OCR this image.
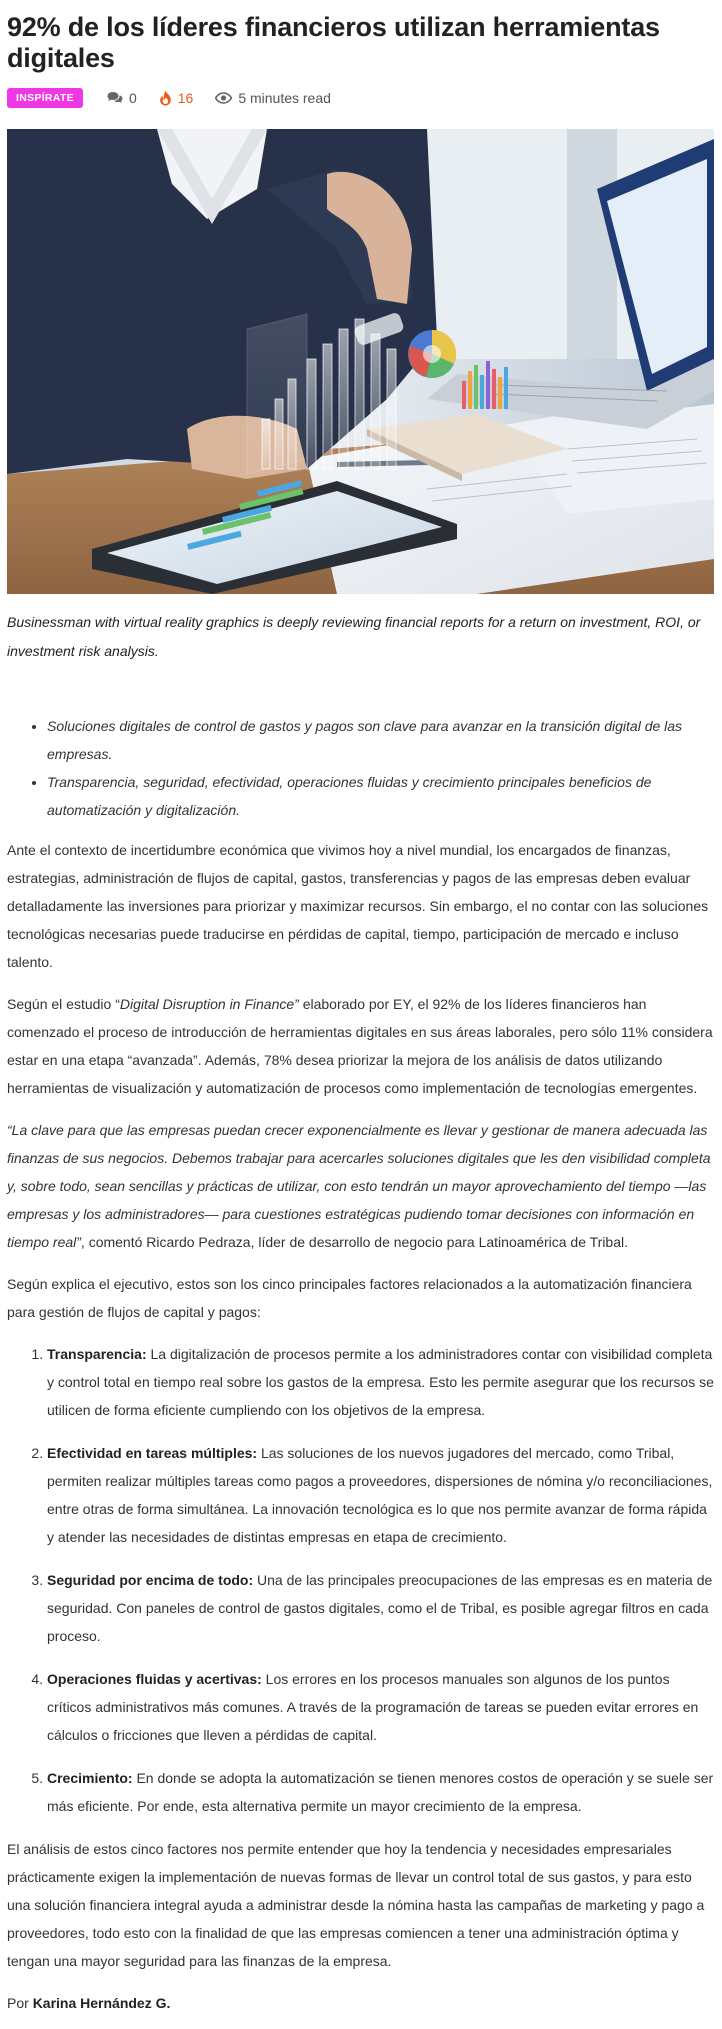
92% de los líderes financieros utilizan herramientas digitales
INSPÍRATE	0	16	5 minutes read

Businessman with virtual reality graphics is deeply reviewing financial reports for a return on investment, ROI, or investment risk analysis.

• Soluciones digitales de control de gastos y pagos son clave para avanzar en la transición digital de las empresas.
• Transparencia, seguridad, efectividad, operaciones fluidas y crecimiento principales beneficios de automatización y digitalización.

Ante el contexto de incertidumbre económica que vivimos hoy a nivel mundial, los encargados de finanzas, estrategias, administración de flujos de capital, gastos, transferencias y pagos de las empresas deben evaluar detalladamente las inversiones para priorizar y maximizar recursos. Sin embargo, el no contar con las soluciones tecnológicas necesarias puede traducirse en pérdidas de capital, tiempo, participación de mercado e incluso talento.

Según el estudio “Digital Disruption in Finance” elaborado por EY, el 92% de los líderes financieros han comenzado el proceso de introducción de herramientas digitales en sus áreas laborales, pero sólo 11% considera estar en una etapa “avanzada”. Además, 78% desea priorizar la mejora de los análisis de datos utilizando herramientas de visualización y automatización de procesos como implementación de tecnologías emergentes.

“La clave para que las empresas puedan crecer exponencialmente es llevar y gestionar de manera adecuada las finanzas de sus negocios. Debemos trabajar para acercarles soluciones digitales que les den visibilidad completa y, sobre todo, sean sencillas y prácticas de utilizar, con esto tendrán un mayor aprovechamiento del tiempo —las empresas y los administradores— para cuestiones estratégicas pudiendo tomar decisiones con información en tiempo real”, comentó Ricardo Pedraza, líder de desarrollo de negocio para Latinoamérica de Tribal.

Según explica el ejecutivo, estos son los cinco principales factores relacionados a la automatización financiera para gestión de flujos de capital y pagos:

1. Transparencia: La digitalización de procesos permite a los administradores contar con visibilidad completa y control total en tiempo real sobre los gastos de la empresa. Esto les permite asegurar que los recursos se utilicen de forma eficiente cumpliendo con los objetivos de la empresa.
2. Efectividad en tareas múltiples: Las soluciones de los nuevos jugadores del mercado, como Tribal, permiten realizar múltiples tareas como pagos a proveedores, dispersiones de nómina y/o reconciliaciones, entre otras de forma simultánea. La innovación tecnológica es lo que nos permite avanzar de forma rápida y atender las necesidades de distintas empresas en etapa de crecimiento.
3. Seguridad por encima de todo: Una de las principales preocupaciones de las empresas es en materia de seguridad. Con paneles de control de gastos digitales, como el de Tribal, es posible agregar filtros en cada proceso.
4. Operaciones fluidas y acertivas: Los errores en los procesos manuales son algunos de los puntos críticos administrativos más comunes. A través de la programación de tareas se pueden evitar errores en cálculos o fricciones que lleven a pérdidas de capital.
5. Crecimiento: En donde se adopta la automatización se tienen menores costos de operación y se suele ser más eficiente. Por ende, esta alternativa permite un mayor crecimiento de la empresa.

El análisis de estos cinco factores nos permite entender que hoy la tendencia y necesidades empresariales prácticamente exigen la implementación de nuevas formas de llevar un control total de sus gastos, y para esto una solución financiera integral ayuda a administrar desde la nómina hasta las campañas de marketing y pago a proveedores, todo esto con la finalidad de que las empresas comiencen a tener una administración óptima y tengan una mayor seguridad para las finanzas de la empresa.

Por Karina Hernández G.
